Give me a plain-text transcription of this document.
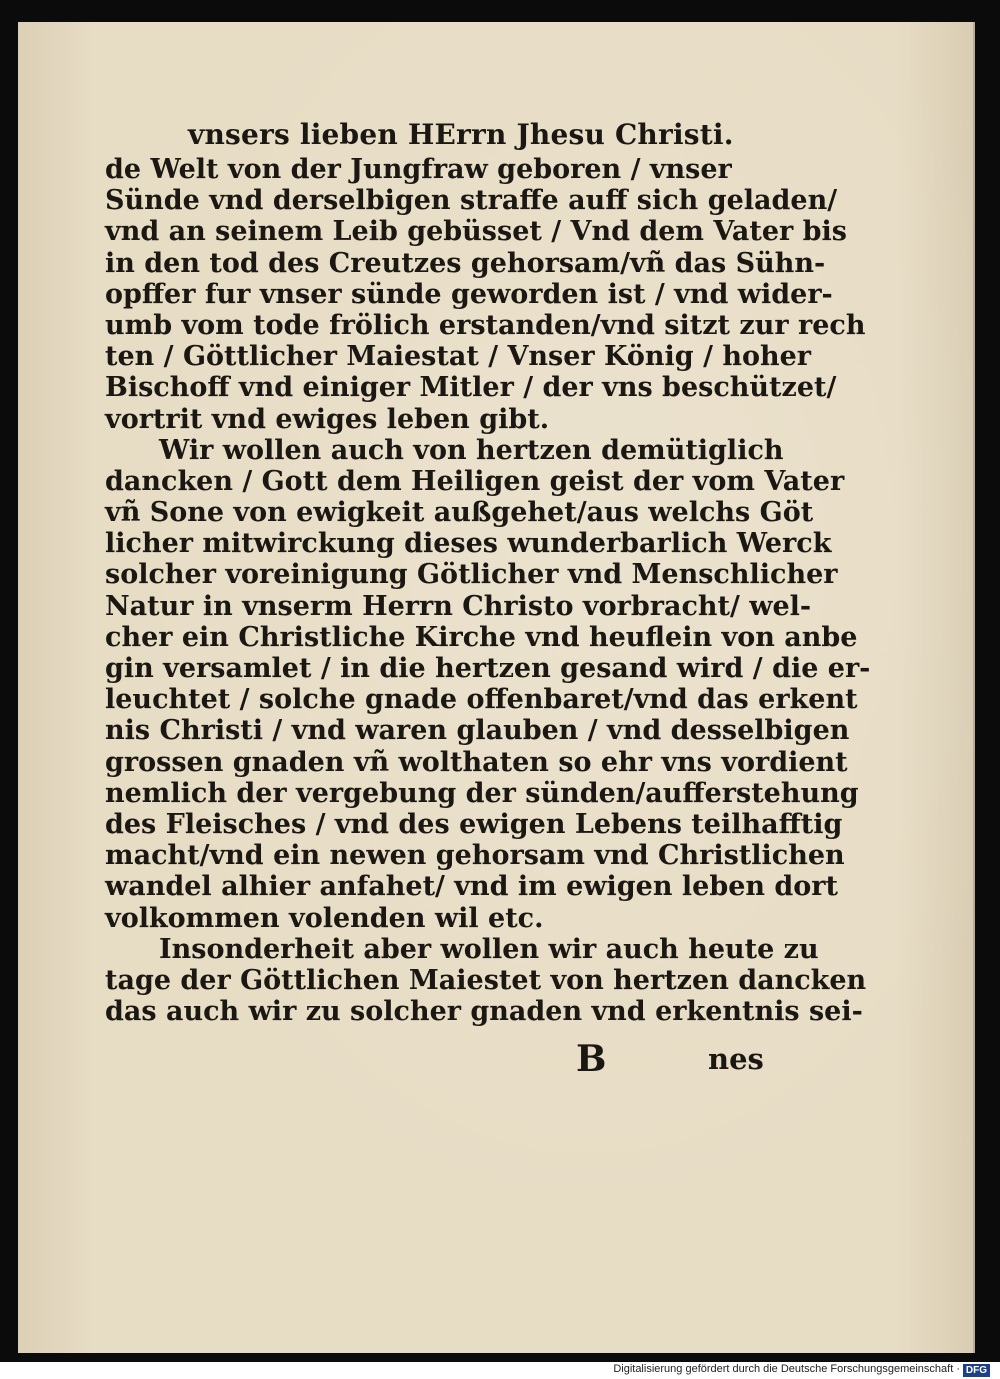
vnsers lieben HErrn Jhesu Christi.
de Welt von der Jungfraw geboren / vnser
Sünde vnd derselbigen straffe auff sich geladen/
vnd an seinem Leib gebüsset / Vnd dem Vater bis
in den tod des Creutzes gehorsam/vñ das Sühn-
opffer fur vnser sünde geworden ist / vnd wider-
umb vom tode frölich erstanden/vnd sitzt zur rech
ten / Göttlicher Maiestat / Vnser König / hoher
Bischoff vnd einiger Mitler / der vns beschützet/
vortrit vnd ewiges leben gibt.
Wir wollen auch von hertzen demütiglich
dancken / Gott dem Heiligen geist der vom Vater
vñ Sone von ewigkeit außgehet/aus welchs Göt
licher mitwirckung dieses wunderbarlich Werck
solcher voreinigung Götlicher vnd Menschlicher
Natur in vnserm Herrn Christo vorbracht/ wel-
cher ein Christliche Kirche vnd heuflein von anbe
gin versamlet / in die hertzen gesand wird / die er-
leuchtet / solche gnade offenbaret/vnd das erkent
nis Christi / vnd waren glauben / vnd desselbigen
grossen gnaden vñ wolthaten so ehr vns vordient
nemlich der vergebung der sünden/aufferstehung
des Fleisches / vnd des ewigen Lebens teilhafftig
macht/vnd ein newen gehorsam vnd Christlichen
wandel alhier anfahet/ vnd im ewigen leben dort
volkommen volenden wil etc.
Insonderheit aber wollen wir auch heute zu
tage der Göttlichen Maiestet von hertzen dancken
das auch wir zu solcher gnaden vnd erkentnis sei-
B	nes
Digitalisierung gefördert durch die Deutsche Forschungsgemeinschaft · DFG
